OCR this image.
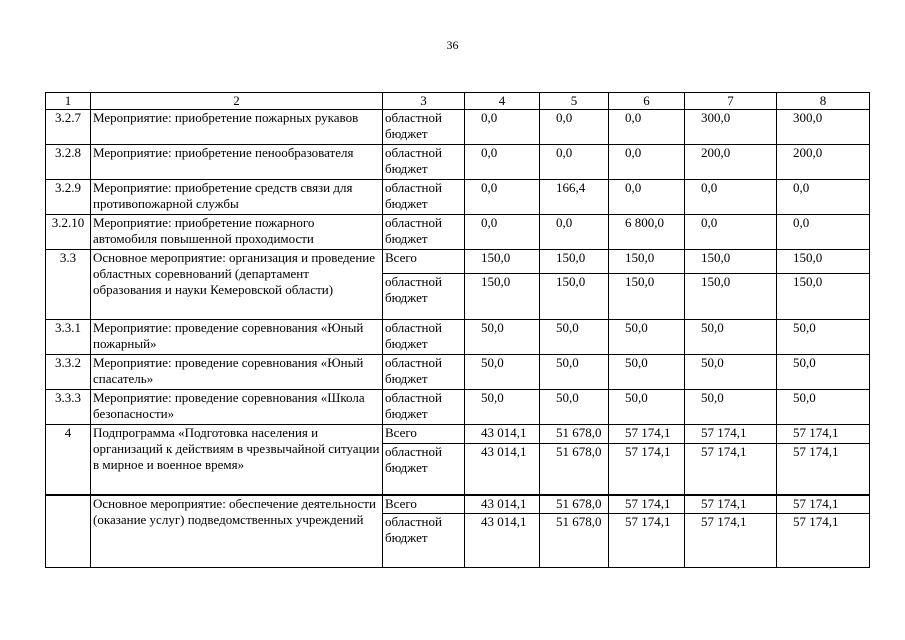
36
1	2	3	4	5	6	7	8
3.2.7	Мероприятие: приобретение пожарных рукавов	областной бюджет	0,0	0,0	0,0	300,0	300,0

3.2.8	Мероприятие: приобретение пенообразователя	областной бюджет	0,0	0,0	0,0	200,0	200,0

3.2.9	Мероприятие: приобретение средств связи для противопожарной службы	областной бюджет	0,0	166,4	0,0	0,0	0,0

3.2.10	Мероприятие: приобретение пожарного автомобиля повышенной проходимости	областной бюджет	0,0	0,0	6 800,0	0,0	0,0

3.3	Основное мероприятие: организация и проведение областных соревнований (департамент образования и науки Кемеровской области)	Всего	150,0	150,0	150,0	150,0	150,0

		областной бюджет	150,0	150,0	150,0	150,0	150,0

3.3.1	Мероприятие: проведение соревнования «Юный пожарный»	областной бюджет	50,0	50,0	50,0	50,0	50,0

3.3.2	Мероприятие: проведение соревнования «Юный спасатель»	областной бюджет	50,0	50,0	50,0	50,0	50,0

3.3.3	Мероприятие: проведение соревнования «Школа безопасности»	областной бюджет	50,0	50,0	50,0	50,0	50,0

4	Подпрограмма «Подготовка населения и организаций к действиям в чрезвычайной ситуации в мирное и военное время»	Всего	43 014,1	51 678,0	57 174,1	57 174,1	57 174,1

		областной бюджет	43 014,1	51 678,0	57 174,1	57 174,1	57 174,1

	Основное мероприятие: обеспечение деятельности (оказание услуг) подведомственных учреждений	Всего	43 014,1	51 678,0	57 174,1	57 174,1	57 174,1

		областной бюджет	43 014,1	51 678,0	57 174,1	57 174,1	57 174,1
